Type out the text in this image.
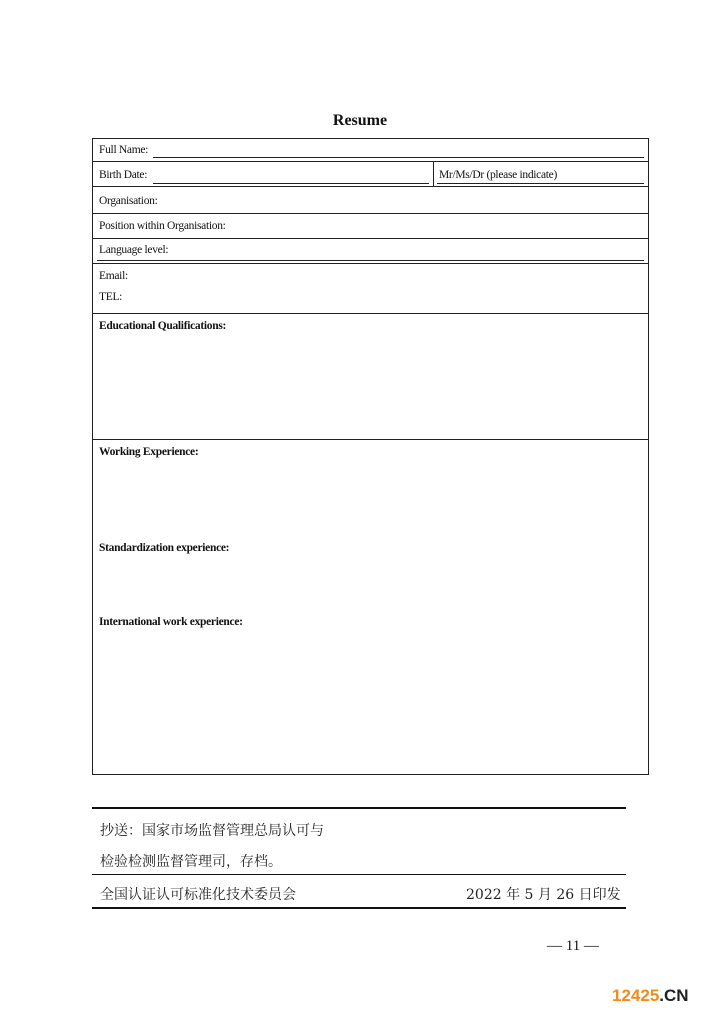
Resume
Full Name:
Birth Date:	Mr/Ms/Dr (please indicate)
Organisation:
Position within Organisation:
Language level:
Email:
TEL:
Educational Qualifications:
Working Experience:
Standardization experience:
International work experience:
抄送：国家市场监督管理总局认可与
检验检测监督管理司，存档。
全国认证认可标准化技术委员会	2022 年 5 月 26 日印发
— 11 —
12425.CN
